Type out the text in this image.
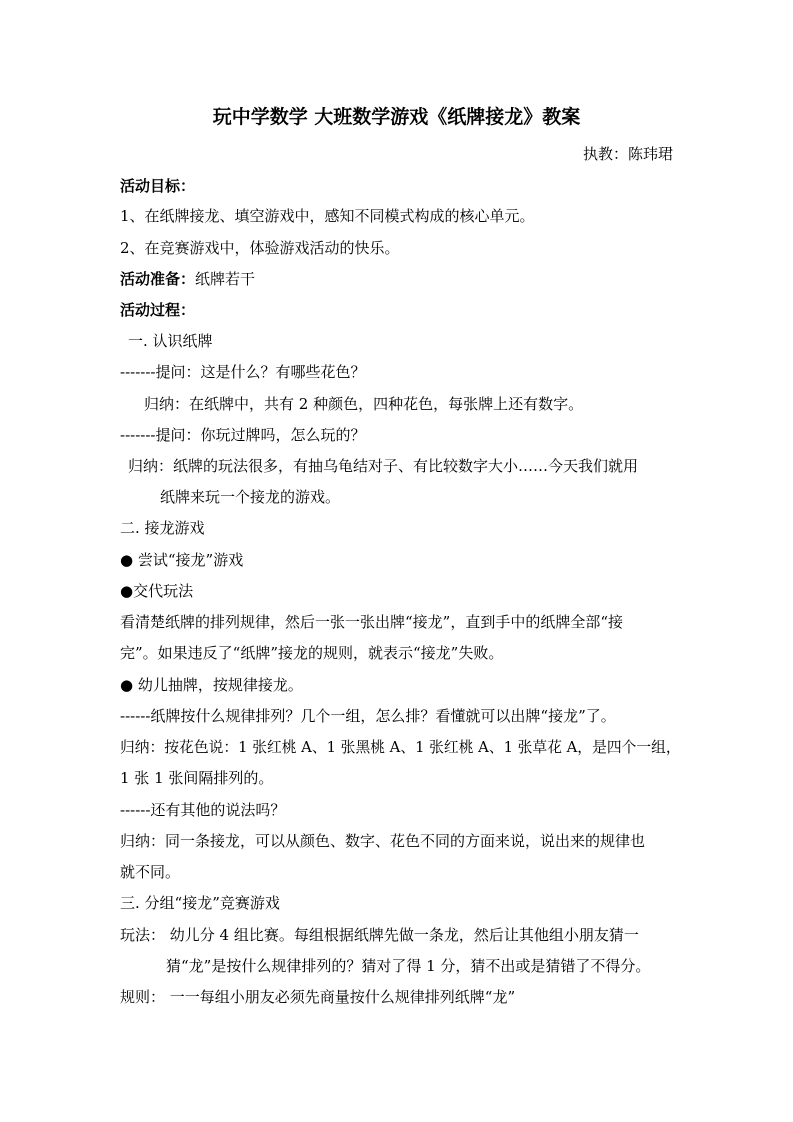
玩中学数学 大班数学游戏《纸牌接龙》教案
执教：陈玮珺
活动目标：
1、在纸牌接龙、填空游戏中，感知不同模式构成的核心单元。
2、在竞赛游戏中，体验游戏活动的快乐。
活动准备：纸牌若干
活动过程：
一. 认识纸牌
-------提问：这是什么？有哪些花色？
归纳：在纸牌中，共有 2 种颜色，四种花色，每张牌上还有数字。
-------提问：你玩过牌吗，怎么玩的？
归纳：纸牌的玩法很多，有抽乌龟结对子、有比较数字大小……今天我们就用
纸牌来玩一个接龙的游戏。
二. 接龙游戏
● 尝试“接龙”游戏
●交代玩法
看清楚纸牌的排列规律，然后一张一张出牌“接龙”，直到手中的纸牌全部“接
完”。如果违反了“纸牌”接龙的规则，就表示“接龙”失败。
● 幼儿抽牌，按规律接龙。
------纸牌按什么规律排列？几个一组，怎么排？看懂就可以出牌“接龙”了。
归纳：按花色说：1 张红桃 A、1 张黑桃 A、1 张红桃 A、1 张草花 A，是四个一组，
1 张 1 张间隔排列的。
------还有其他的说法吗？
归纳：同一条接龙，可以从颜色、数字、花色不同的方面来说，说出来的规律也
就不同。
三. 分组“接龙”竞赛游戏
玩法： 幼儿分 4 组比赛。每组根据纸牌先做一条龙，然后让其他组小朋友猜一
猜“龙”是按什么规律排列的？猜对了得 1 分，猜不出或是猜错了不得分。
规则： 一一每组小朋友必须先商量按什么规律排列纸牌“龙”
